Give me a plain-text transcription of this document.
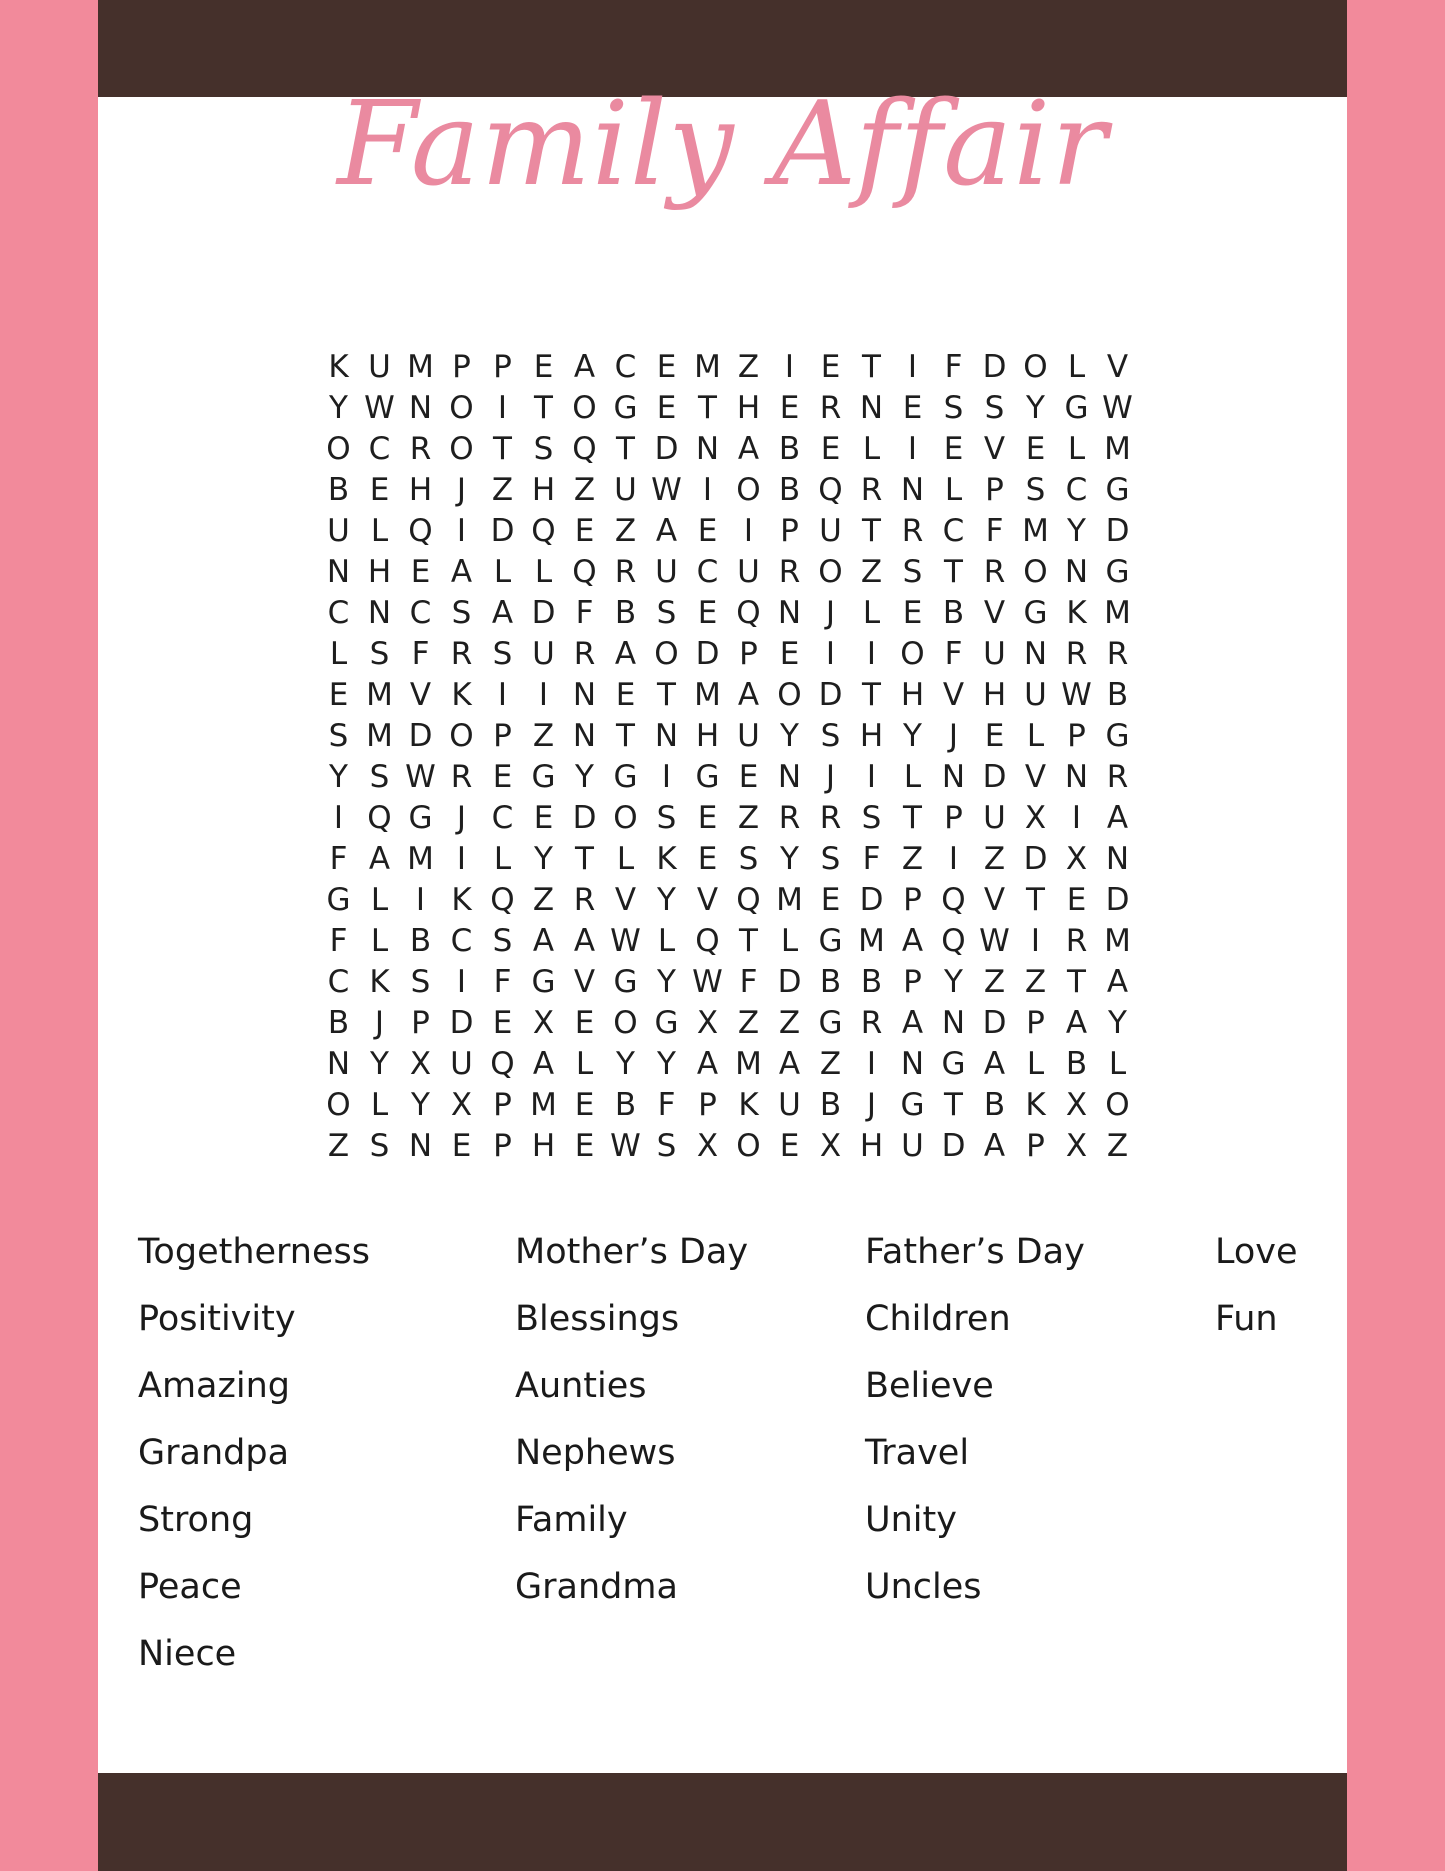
Family Affair
K U M P P E A C E M Z I E T I F D O L V
Y W N O I T O G E T H E R N E S S Y G W
O C R O T S Q T D N A B E L I E V E L M
B E H J Z H Z U W I O B Q R N L P S C G
U L Q I D Q E Z A E I P U T R C F M Y D
N H E A L L Q R U C U R O Z S T R O N G
C N C S A D F B S E Q N J L E B V G K M
L S F R S U R A O D P E I	I O F U N R R
E M V K I	I N E T M A O D T H V H U W B
S M D O P Z N T N H U Y S H Y J E L P G
Y S W R E G Y G I G E N J	I L N D V N R
I Q G J C E D O S E Z R R S T P U X I A
F A M I L Y T L K E S Y S F Z I Z D X N
G L I K Q Z R V Y V Q M E D P Q V T E D
F L B C S A A W L Q T L G M A Q W I R M
C K S I F G V G Y W F D B B P Y Z Z T A
B J P D E X E O G X Z Z G R A N D P A Y
N Y X U Q A L Y Y A M A Z I N G A L B L
O L Y X P M E B F P K U B J G T B K X O
Z S N E P H E W S X O E X H U D A P X Z
Togetherness
Positivity
Amazing
Grandpa
Strong
Peace
Niece
Mother’s Day
Blessings
Aunties
Nephews
Family
Grandma
Father’s Day
Children
Believe
Travel
Unity
Uncles
Love
Fun
